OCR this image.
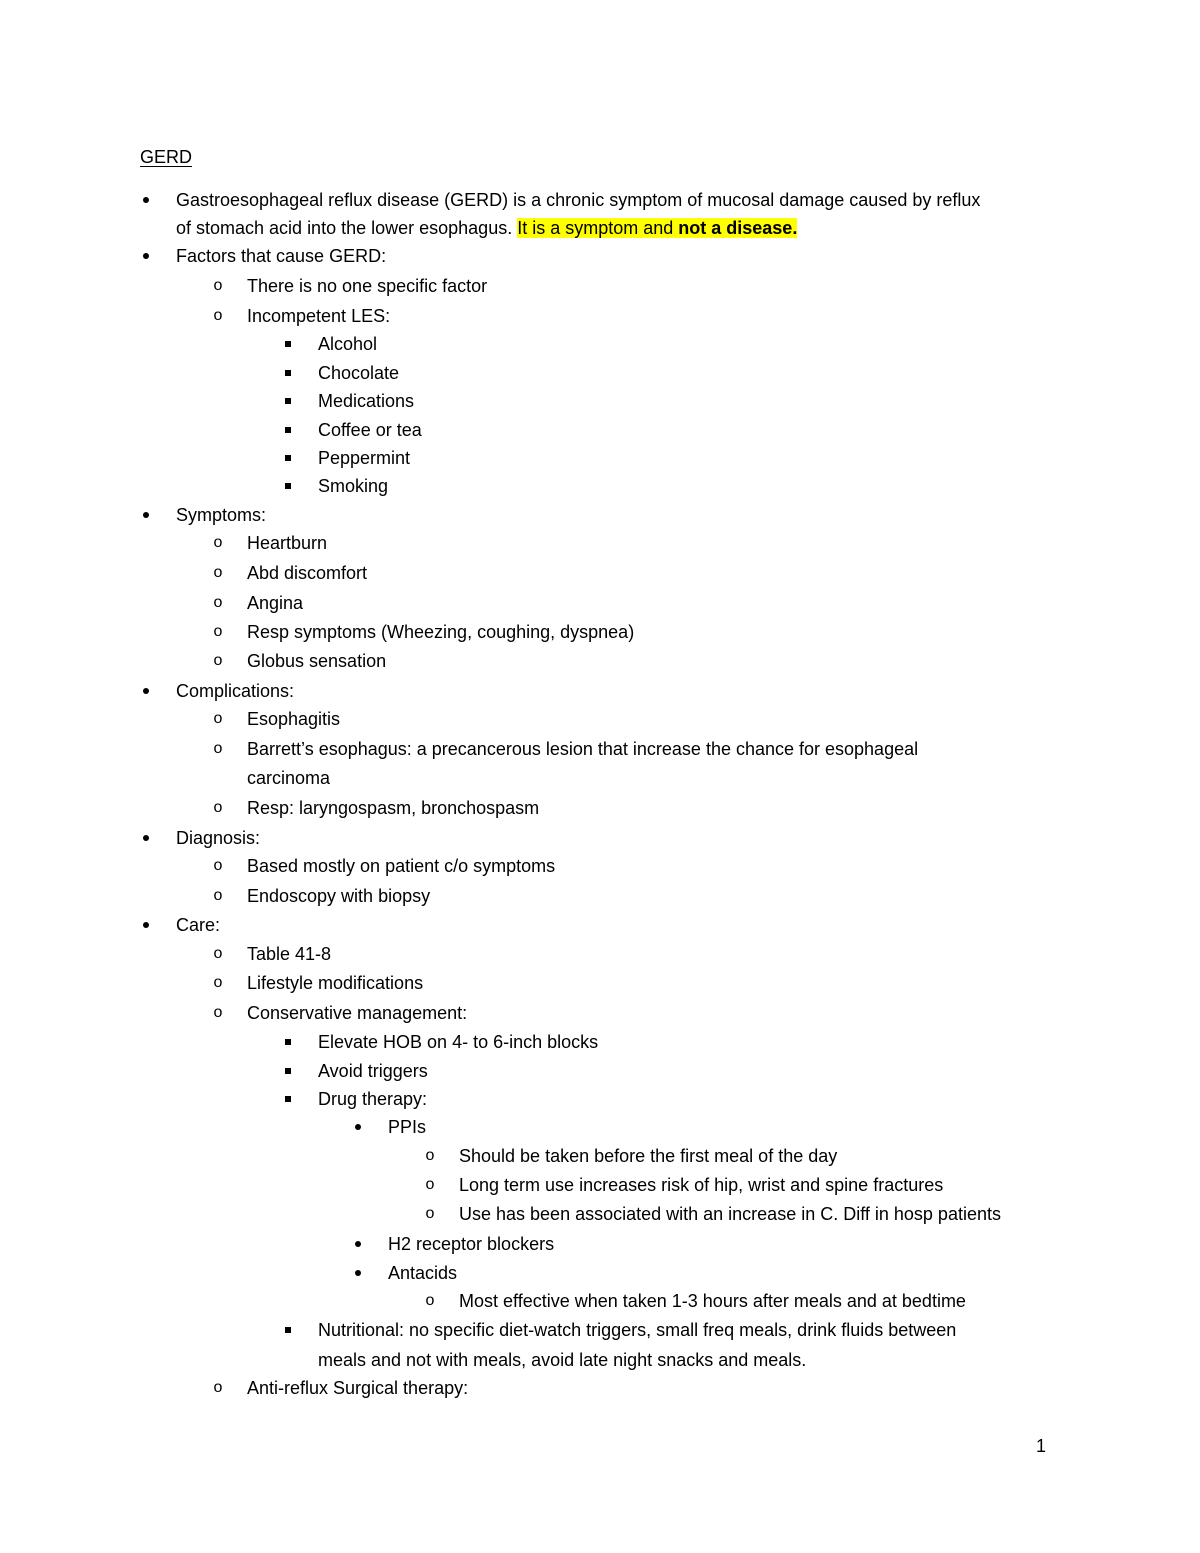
GERD
Gastroesophageal reflux disease (GERD) is a chronic symptom of mucosal damage caused by reflux
of stomach acid into the lower esophagus. It is a symptom and not a disease.
Factors that cause GERD:
o	There is no one specific factor
o	Incompetent LES:
Alcohol
Chocolate
Medications
Coffee or tea
Peppermint
Smoking
Symptoms:
o	Heartburn
o	Abd discomfort
o	Angina
o	Resp symptoms (Wheezing, coughing, dyspnea)
o	Globus sensation
Complications:
o	Esophagitis
o	Barrett’s esophagus: a precancerous lesion that increase the chance for esophageal
carcinoma
o	Resp: laryngospasm, bronchospasm
Diagnosis:
o	Based mostly on patient c/o symptoms
o	Endoscopy with biopsy
Care:
o	Table 41-8
o	Lifestyle modifications
o	Conservative management:
Elevate HOB on 4- to 6-inch blocks
Avoid triggers
Drug therapy:
PPIs
o	Should be taken before the first meal of the day
o	Long term use increases risk of hip, wrist and spine fractures
o	Use has been associated with an increase in C. Diff in hosp patients
H2 receptor blockers
Antacids
o	Most effective when taken 1-3 hours after meals and at bedtime
Nutritional: no specific diet-watch triggers, small freq meals, drink fluids between
meals and not with meals, avoid late night snacks and meals.
o	Anti-reflux Surgical therapy:
1
